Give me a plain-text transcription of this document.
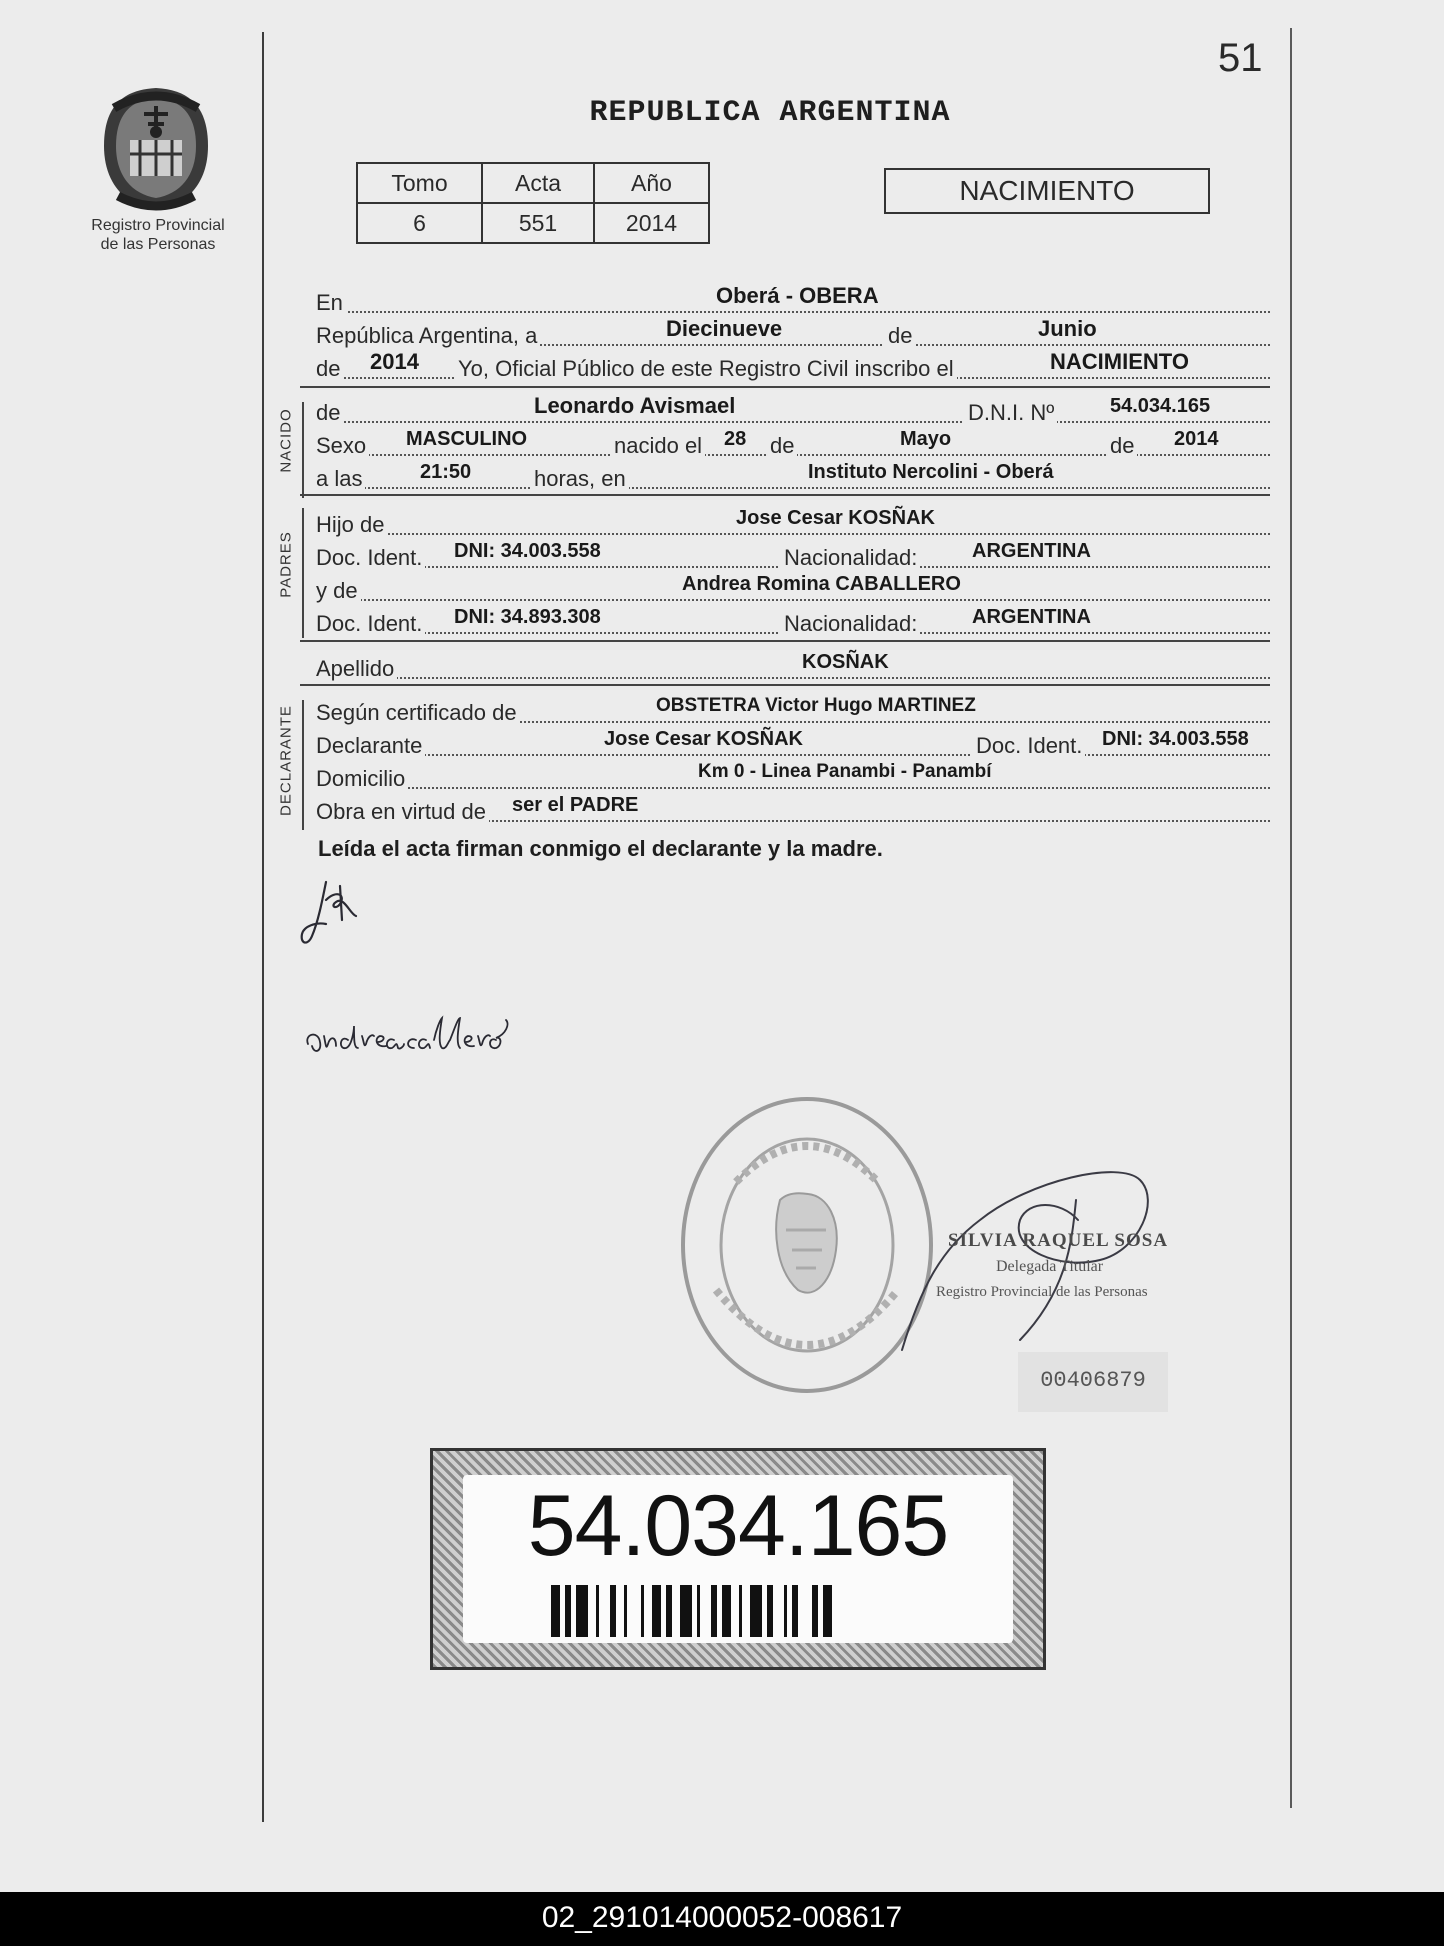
51
Registro Provincial
de las Personas
REPUBLICA ARGENTINA
Tomo	Acta	Año
6	551	2014
NACIMIENTO
En	Oberá - OBERA
República Argentina, a	Diecinueve	de	Junio
de 2014 Yo, Oficial Público de este Registro Civil inscribo el	NACIMIENTO
NACIDO de	Leonardo Avismael	D.N.I. Nº	54.034.165
Sexo MASCULINO	nacido el 28 de	Mayo	de 2014
a las	21:50	horas, en	Instituto Nercolini - Oberá
PADRES
Hijo de	Jose Cesar KOSÑAK
Doc. Ident. DNI: 34.003.558	Nacionalidad:	ARGENTINA
y de	Andrea Romina CABALLERO
Doc. Ident. DNI: 34.893.308	Nacionalidad:	ARGENTINA
Apellido	KOSÑAK
DECLARANTE Según certificado de	OBSTETRA Victor Hugo MARTINEZ
Declarante	Jose Cesar KOSÑAK	Doc. Ident. DNI: 34.003.558
Domicilio	Km 0 - Linea Panambi - Panambí
Obra en virtud de ser el PADRE
Leída el acta firman conmigo el declarante y la madre.
SILVIA RAQUEL SOSA
Delegada Titular
Registro Provincial de las Personas
00406879
54.034.165
02_291014000052-008617
